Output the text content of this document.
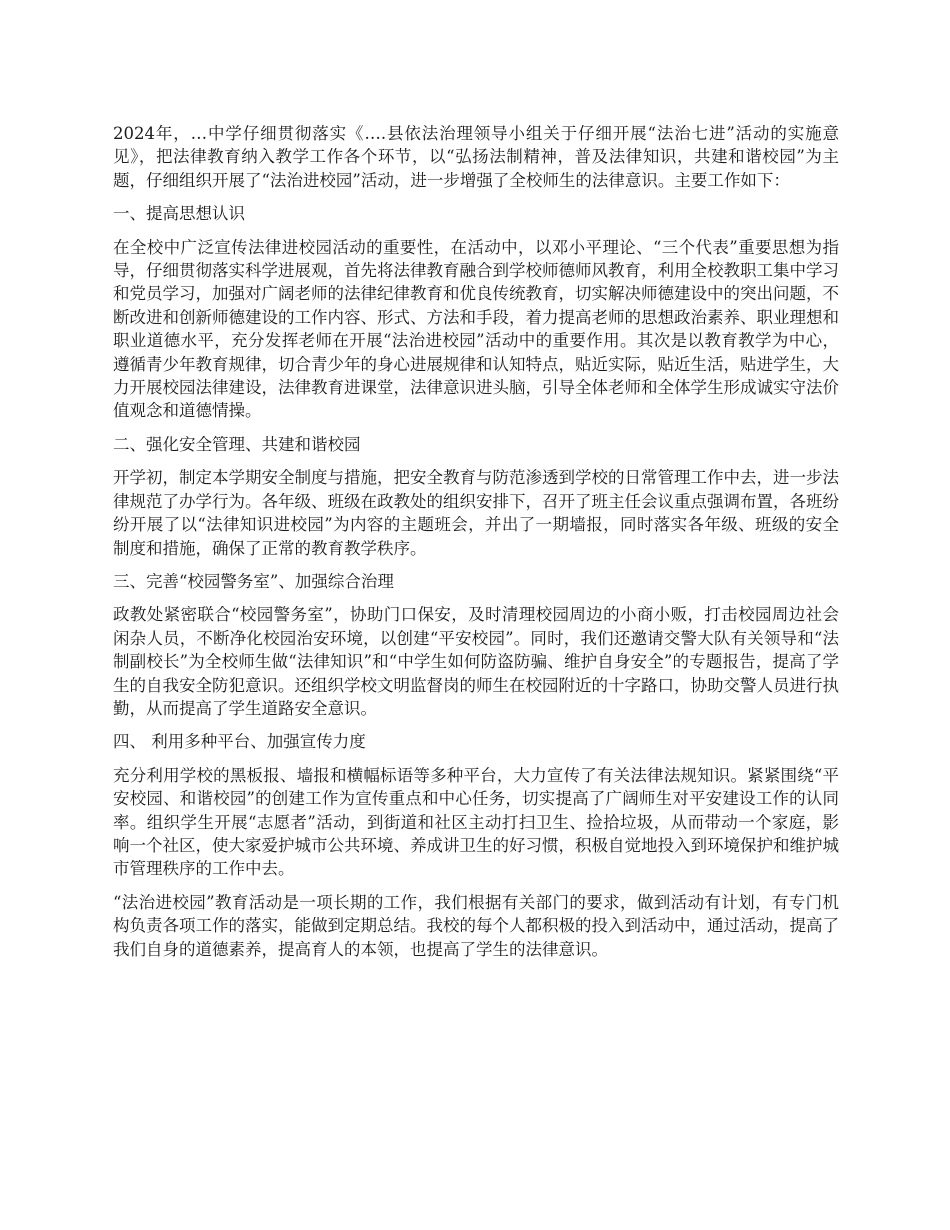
2024年，…中学仔细贯彻落实《….县依法治理领导小组关于仔细开展“法治七进”活动的实施意见》，把法律教育纳入教学工作各个环节，以“弘扬法制精神，普及法律知识，共建和谐校园”为主题，仔细组织开展了“法治进校园”活动，进一步增强了全校师生的法律意识。主要工作如下：

一、提高思想认识

在全校中广泛宣传法律进校园活动的重要性，在活动中，以邓小平理论、“三个代表”重要思想为指导，仔细贯彻落实科学进展观，首先将法律教育融合到学校师德师风教育，利用全校教职工集中学习和党员学习，加强对广阔老师的法律纪律教育和优良传统教育，切实解决师德建设中的突出问题，不断改进和创新师德建设的工作内容、形式、方法和手段，着力提高老师的思想政治素养、职业理想和职业道德水平，充分发挥老师在开展“法治进校园”活动中的重要作用。其次是以教育教学为中心，遵循青少年教育规律，切合青少年的身心进展规律和认知特点，贴近实际，贴近生活，贴进学生，大力开展校园法律建设，法律教育进课堂，法律意识进头脑，引导全体老师和全体学生形成诚实守法价值观念和道德情操。

二、强化安全管理、共建和谐校园

开学初，制定本学期安全制度与措施，把安全教育与防范渗透到学校的日常管理工作中去，进一步法律规范了办学行为。各年级、班级在政教处的组织安排下，召开了班主任会议重点强调布置，各班纷纷开展了以“法律知识进校园”为内容的主题班会，并出了一期墙报，同时落实各年级、班级的安全制度和措施，确保了正常的教育教学秩序。

三、完善“校园警务室”、加强综合治理

政教处紧密联合“校园警务室”，协助门口保安，及时清理校园周边的小商小贩，打击校园周边社会闲杂人员，不断净化校园治安环境，以创建“平安校园”。同时，我们还邀请交警大队有关领导和“法制副校长”为全校师生做“法律知识”和“中学生如何防盗防骗、维护自身安全”的专题报告，提高了学生的自我安全防犯意识。还组织学校文明监督岗的师生在校园附近的十字路口，协助交警人员进行执勤，从而提高了学生道路安全意识。

四、 利用多种平台、加强宣传力度

充分利用学校的黑板报、墙报和横幅标语等多种平台，大力宣传了有关法律法规知识。紧紧围绕“平安校园、和谐校园”的创建工作为宣传重点和中心任务，切实提高了广阔师生对平安建设工作的认同率。组织学生开展“志愿者”活动，到街道和社区主动打扫卫生、捡拾垃圾，从而带动一个家庭，影响一个社区，使大家爱护城市公共环境、养成讲卫生的好习惯，积极自觉地投入到环境保护和维护城市管理秩序的工作中去。

“法治进校园”教育活动是一项长期的工作，我们根据有关部门的要求，做到活动有计划，有专门机构负责各项工作的落实，能做到定期总结。我校的每个人都积极的投入到活动中，通过活动，提高了我们自身的道德素养，提高育人的本领，也提高了学生的法律意识。
